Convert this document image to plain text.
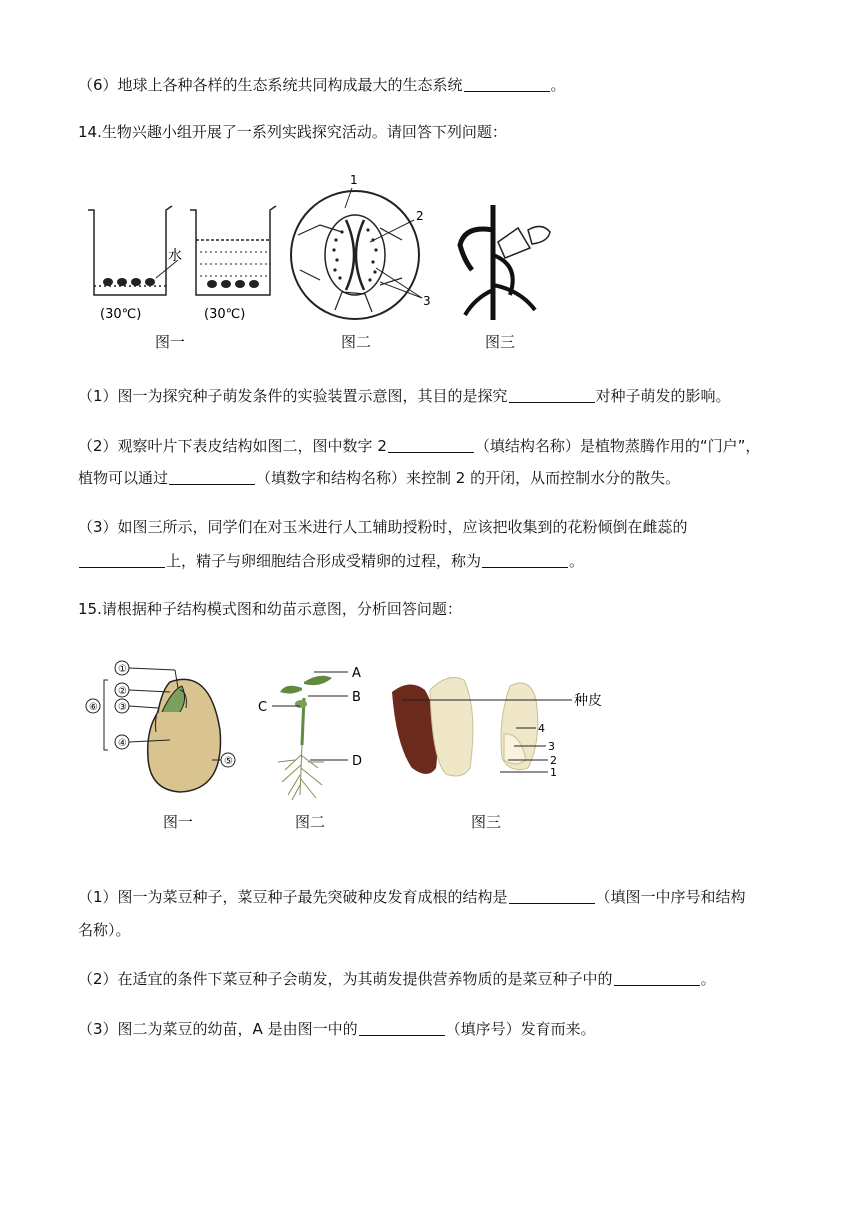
（6）地球上各种各样的生态系统共同构成最大的生态系统	。
14.生物兴趣小组开展了一系列实践探究活动。请回答下列问题：
水
(30℃)	(30℃)
1
2
3
图一	图二	图三
（1）图一为探究种子萌发条件的实验装置示意图，其目的是探究	对种子萌发的影响。
（2）观察叶片下表皮结构如图二，图中数字 2	（填结构名称）是植物蒸腾作用的“门户”，
植物可以通过	（填数字和结构名称）来控制 2 的开闭，从而控制水分的散失。
（3）如图三所示，同学们在对玉米进行人工辅助授粉时，应该把收集到的花粉倾倒在雌蕊的
上，精子与卵细胞结合形成受精卵的过程，称为	。
15.请根据种子结构模式图和幼苗示意图，分析回答问题：
①
②
③
④
⑤
⑥
A
B
C
D
种皮
4
3
2
1
图一	图二	图三
（1）图一为菜豆种子，菜豆种子最先突破种皮发育成根的结构是	（填图一中序号和结构
名称）。
（2）在适宜的条件下菜豆种子会萌发，为其萌发提供营养物质的是菜豆种子中的	。
（3）图二为菜豆的幼苗，A 是由图一中的	（填序号）发育而来。
